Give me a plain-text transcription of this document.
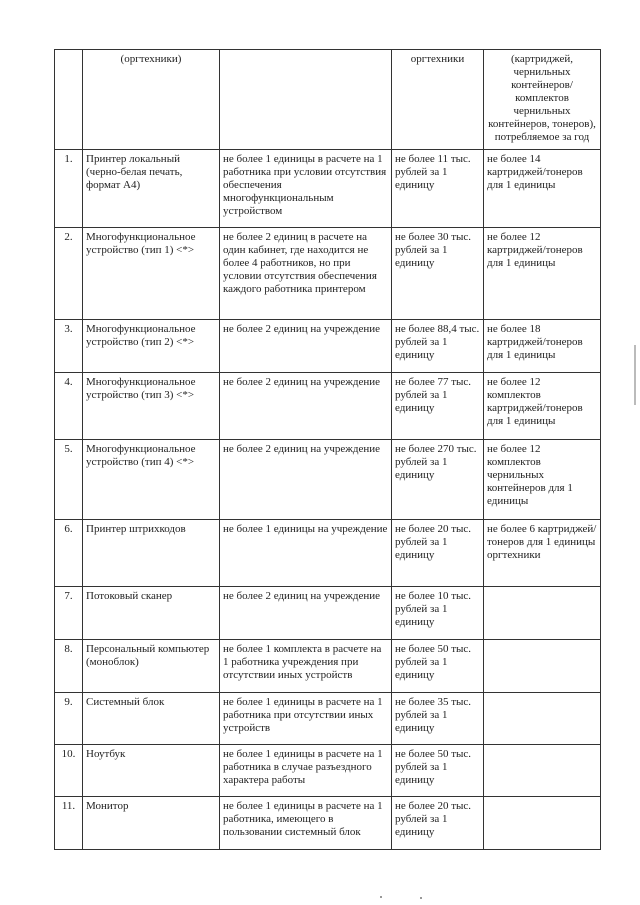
	(оргтехники)		оргтехники	(картриджей, чернильных контейнеров/комплектов чернильных контейнеров, тонеров), потребляемое за год
1.	Принтер локальный (черно-белая печать, формат А4)	не более 1 единицы в расчете на 1 работника при условии отсутствия обеспечения многофункциональным устройством	не более 11 тыс. рублей за 1 единицу	не более 14 картриджей/тонеров для 1 единицы
2.	Многофункциональное устройство (тип 1) <*>	не более 2 единиц в расчете на один кабинет, где находится не более 4 работников, но при условии отсутствия обеспечения каждого работника принтером	не более 30 тыс. рублей за 1 единицу	не более 12 картриджей/тонеров для 1 единицы
3.	Многофункциональное устройство (тип 2) <*>	не более 2 единиц на учреждение	не более 88,4 тыс. рублей за 1 единицу	не более 18 картриджей/тонеров для 1 единицы
4.	Многофункциональное устройство (тип 3) <*>	не более 2 единиц на учреждение	не более 77 тыс. рублей за 1 единицу	не более 12 комплектов картриджей/тонеров для 1 единицы
5.	Многофункциональное устройство (тип 4) <*>	не более 2 единиц на учреждение	не более 270 тыс. рублей за 1 единицу	не более 12 комплектов чернильных контейнеров для 1 единицы
6.	Принтер штрихкодов	не более 1 единицы на учреждение	не более 20 тыс. рублей за 1 единицу	не более 6 картриджей/тонеров для 1 единицы оргтехники
7.	Потоковый сканер	не более 2 единиц на учреждение	не более 10 тыс. рублей за 1 единицу	
8.	Персональный компьютер (моноблок)	не более 1 комплекта в расчете на 1 работника учреждения при отсутствии иных устройств	не более 50 тыс. рублей за 1 единицу	
9.	Системный блок	не более 1 единицы в расчете на 1 работника при отсутствии иных устройств	не более 35 тыс. рублей за 1 единицу	
10.	Ноутбук	не более 1 единицы в расчете на 1 работника в случае разъездного характера работы	не более 50 тыс. рублей за 1 единицу	
11.	Монитор	не более 1 единицы в расчете на 1 работника, имеющего в пользовании системный блок	не более 20 тыс. рублей за 1 единицу	
